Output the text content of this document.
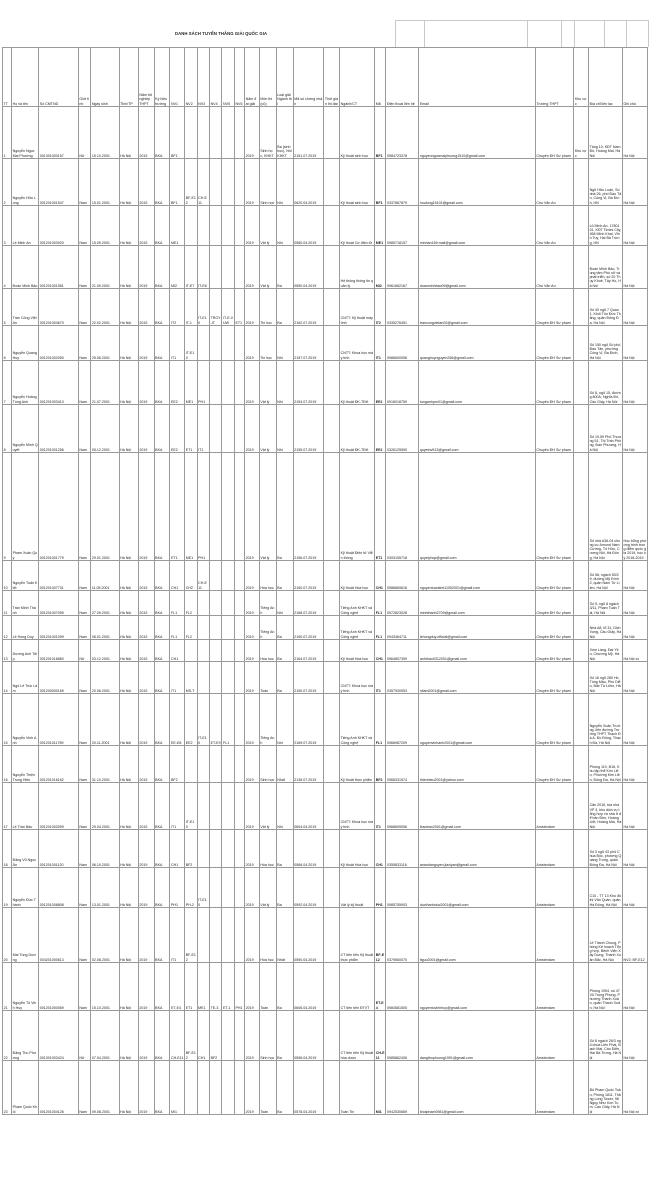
DANH SÁCH TUYỂN THẲNG GIẢI QUỐC GIA
TT	Họ và tên	Số CMTND	Giới tính	Ngày sinh	Tỉnh/TP	Năm tốt nghiệp THPT	Ký hiệu trường	NV1	NV2	NV3	NV4	NV5	NV6	Năm đạt giải	Môn thi (cũ)	Loại giải Ngành thi	Mã số chứng nhận	Thời gian thi đạt	Ngành/CT	Mã	Điện thoại liên hệ	Email	Trường THPT	Khu vực	Địa chỉ liên lạc	Ghi chú
1	Nguyễn Ngọc Mai Phương	001301000157	Nữ	15.10.2001	Hà Nội	2019	BKA	BF1						2019	Sinh học, KHKT	Ba (sinh học), Nhì KHKT	2151.07.2019		Kỹ thuật sinh học	BF1	0984723378	nguyenngocmaiphuong1510@gmail.com	Chuyên ĐH Sư phạm	Khu vực	Tầng 10, KĐT Nam Đô, Hoàng Mai, Hà Nội	Hà Nội
2	Nguyễn Hữu Long	001201001547	Nam	15.01.2001	Hà Nội	2019	BKA	BF1	BF-E12	CH-E11				2019	Sinh học	Nhì	0620.04.2019		Kỹ thuật sinh học	BF1	0337867879	huulong15101@gmail.com	Chu Văn An		Ngõ Hữu Luận, Số nhà 26, phố Đào Tấn, Cống Vị, Ba Đình, HN	Hà Nội
3	Lê Minh An	001201003920	Nam	15.09.2001	Hà Nội	2019	BKA	ME1						2019	Vật lý	Nhì	0560.04.2019		Kỹ thuật Cơ điện tử	ME1	0985718157	minhan169.mail@gmail.com	Chu Văn An		Lô Minh An, 1780101, KĐT Times City, 458 Minh Khai, Vĩnh Tuy, Hai Bà Trưng, HN	Hà Nội
4	Đoàn Minh Bảo	001201001551	Nam	21.09.2001	Hà Nội	2019	BKA	MI2	IT-E7	IT-E6				2019	Vật lý	Ba	0550.04.2019		Hệ thống thông tin quản lý	MI2	0961662167	doanminhbao09@gmail.com	Chu Văn An		Đoàn Minh Bảo, Trung tâm Phú nữ và phát triển, số 20 Thụy Khuê, Tây Hồ, Hà Nội	Hà Nội
5	Trần Công Việt An	001201004670	Nam	22.02.2001	Hà Nội	2019	BKA	IT2	IT-1	IT-E10	TROY-IT	IT-E-VUW	ET1	2019	Tin học	Ba	2162.07.2019		CNTT: Kỹ thuật máy tính	IT2	0335276451	trancongvietan02@gmail.com	Chuyên ĐH Sư phạm		Số 40 ngõ 7 Quan 1, Khối Tôn Đức Thắng, quận Đống Đa, Hà Nội	Hà Nội
6	Nguyễn Quang Huy	001201002050	Nam	25.06.2001	Hà Nội	2019	BKA	IT1	IT-E10					2019	Tin học	Nhì	2157.07.2019		CNTT: Khoa học máy tính	IT1	0986600056	quanghuynguyen256@gmail.com	Chuyên ĐH Sư phạm		Số 150 ngõ Số phố Đào Tấn, phường Cống Vị, Ba Đình, Hà Nội	Hà Nội
7	Nguyễn Hoàng Tùng Anh	001201003410	Nam	21.07.2001	Hà Nội	2019	BKA	EE2	ME1	PH1				2019	Vật lý	Nhì	2154.07.2019		Kỹ thuật ĐK-TĐH	EE2	0916018759	tunganhpro01@gmail.com	Chuyên ĐH Sư phạm		Số 8, ngõ 15, đường 800A, Nghĩa Đô, Cầu Giấy, Hà Nội	Hà Nội
8	Nguyễn Minh Quyết	001201001256	Nam	05.12.2001	Hà Nội	2019	BKA	EE2	ET1	IT1				2019	Vật lý	Nhì	2155.07.2019		Kỹ thuật ĐK-TĐH	EE2	0326125590	quyetnv513@gmail.com	Chuyên ĐH Sư phạm		Số 19,59 Phố Thượng 51, Thị Trấn Phùng, Đan Phượng, Hà Nội	Hà Nội
9	Phạm Xuân Quý	001201001779	Nam	29.01.2001	Hà Nội	2019	BKA	ET1	ME1	PH1				2019	Vật lý	Ba	2156.07.2019		Kỹ thuật Điện tử Viễn thông	ET1	0393155718	quyetphqx@gmail.com	Chuyên ĐH Sư phạm		Số nhà A36-04 chung cư Amond Nam Cường, Tố Hữu, Cương Nội, Hà Đông, Hà Nội	Học bổng phương trình trong điểm quốc gia 2019, học kỳ 2018-2019
10	Nguyễn Tuấn Kiệt	001201007731	Nam	11.05.2001	Hà Nội	2019	BKA	CH1	CH2	CH-E11				2019	Hóa học	Ba	2150.07.2019		Kỹ thuật Hóa học	CH1	0986669616	nguyentuankiet11052001@gmail.com	Chuyên ĐH Sư phạm		Số 58, ngách 50/29, đường Mỹ Đình 2, quận Nam Từ Liêm, Hà Nội	Hà Nội
11	Trần Minh Thành	001201007055	Nam	27.09.2001	Hà Nội	2019	BKA	FL1	FL2					2019	Tiếng Anh	Nhì	2168.07.2019		Tiếng Anh KHKT và Công nghệ	FL1	0972823028	minhthanh2709@gmail.com	Chuyên ĐH Sư phạm		Số 5, ngõ 8 ngách 3/11, Phạm Tuấn Tài, Hà Nội	Hà Nội
12	Lê Hồng Duy	001201001099	Nam	08.01.2001	Hà Nội	2019	BKA	FL1	FL2					2019	Tiếng Anh	Ba	2190.07.2019		Tiếng Anh KHKT và Công nghệ	FL1	0943464711	lehongduy.official@gmail.com	Chuyên ĐH Sư phạm		Nhà A8, tổ 31, Dịch Vọng, Cầu Giấy, Hà Nội	Hà Nội
13	Dương Anh Tiệp	001201016860	Nữ	03.12.2001	Hà Nội	2019	BKA	CH1						2019	Hóa học	Ba	2164.07.2019		Kỹ thuật Hóa học	CH1	0964807399	anhthao0312001@gmail.com	Chuyên ĐH Sư phạm		Xóm Làng, Đại Yên, Chương Mỹ, Hà Nội	Hà Nội xx
14	Ngô Lê Trúc Lâm	001200000169	Nam	20.06.2001	Hà Nội	2019	BKA	IT1	MS-T					2019	Toán	Ba	2150.07.2019		CNTT: Khoa học máy tính	IT1	0357930953	nllam2001@gmail.com	Chuyên ĐH Sư phạm		Số 16 ngõ 280 Hồ Tùng Mậu, Phú Diễn, Bắc Từ Liêm, Hà Nội	Hà Nội
15	Nguyễn Vinh Anh	001201011789	Nam	20.11.2001	Hà Nội	2019	BKA	EE-E8	EE2	IT-E10	ET-E9	FL1		2019	Tiếng Anh	Nhì	2169.07.2019		Tiếng Anh KHKT và Công nghệ	FL1	0966987209	nguyenvinhanh2001@gmail.com	Chuyên ĐH Sư phạm		Nguyễn Xuân Trường, liên đường Trường THPT Thạch Đà A, Đồ Động, Thạch Đà, Hà Nội	Hà Nội
16	Nguyễn Thiện Trung Hiếu	001201016162	Nam	31.10.2001	Hà Nội	2019	BKA	BF2						2019	Sinh học	Nhất	2136.07.2019		Kỹ thuật thực phẩm	BF2	0968331574	thienhieu2001@yahoo.com	Chuyên ĐH Sư phạm		Phòng 119, B16, Khu tập thể Kim Liên, Phường Kim Liên, Đống Đa, Hà Nội	Hà Nội
17	Lê Trần Bảo	001201002099	Nam	29.04.2001	Hà Nội	2019	BKA	IT1	IT-E10					2019	Vật lý	Nhì	0604.04.2019		CNTT: Khoa học máy tính	IT1	0968699056	lbaotran2001@gmail.com	Amsterdam		Căn 2016, tòa nhà VP 3, khu dịch vụ tổng hợp và nhà ở để bán Đền, Hoàng Liệt, Hoàng Mai, Hà Nội	Hà Nội
18	Đặng Vũ Ngọc Ân	001201001120	Nam	06.10.2001	Hà Nội	2019	BKA	CH1	BF2					2019	Hóa học	Ba	0566.04.2019		Kỹ thuật Hóa học	CH1	0355833116	anandanguyen.jiaxiyan@gmail.com	Amsterdam		Số 3 ngõ 43 phố Chùa Bộc, phường Quang Trung, quận Đống Đa, Hà Nội	Hà Nội
19	Nguyễn Đức Thành	001201008808	Nam	13.01.2001	Hà Nội	2019	BKA	PH1	PH-2	IT-E10				2019	Vật lý	Ba	0592.04.2019		Vật lý kỹ thuật	PH1	0985755903	ducthanhduc2001@gmail.com	Amsterdam		C10 - TT 13 Khu đô thị Văn Quán, quận Hà Đông, Hà Nội	Hà Nội
20	Mai Tùng Dương	004201000613	Nam	02.08.2001	Hà Nội	2019	BKA	IT1	BF-E12					2019	Hóa học	Nhất	0590.04.2019		CT tiên tiến Kỹ thuật thực phẩm	BF-E12	0379560070	tiguo2001@gmail.com	Amsterdam		Lê Thanh Chung, Phòng Kế hoạch Tổng hợp, Bệnh Viện Xây Dựng, Thanh Xuân Bắc, Hà Nội	NV2: BF-E12
21	Nguyễn Tô Vinh Huy	001201000069	Nam	15.10.2001	Hà Nội	2019	BKA	ET-E4	ET1	ME1	TE-3	ET-1	PH1	2019	Toán	Ba	0606.04.2019		CT tiên tiến ĐTVT	ET-E4	0984581505	nguyentovinhhuy@gmail.com	Amsterdam		Phòng 1904, số 47 Vũ Trọng Phụng, Phường Thanh Xuân, quận Thanh Xuân, Hà Nội	Hà Nội
22	Đặng Thu Phương	001301003424	Nữ	07.04.2001	Hà Nội	2019	BKA	CH-E11	BF-E12	CH1	BF2			2019	Sinh học	Ba	0596.04.2019		CT tiên tiến Kỹ thuật hóa dược	CH-E11	0985862406	dangthuphuong1991@gmail.com	Amsterdam		Số 8 ngách 26/3 ngõ chùa Liên Phái, Bạch Mai, Cầu Diễn, Hai Bà Trưng, Hà Nội	Hà Nội
23	Phạm Quốc Khôi	001201004126	Nam	09.08.2001	Hà Nội	2019	BKA	MI1						2019	Toán	Ba	0578.04.2019		Toán Tin	MI1	0942530669	khoipham0981@gmail.com	Amsterdam		Bố Phạm Quốc Toản, Phòng 1811, Thăng Long Tower, 98 Ngụy Như Kon Tum, Cầu Giấy, Hà Nội	Hà Nội xx
